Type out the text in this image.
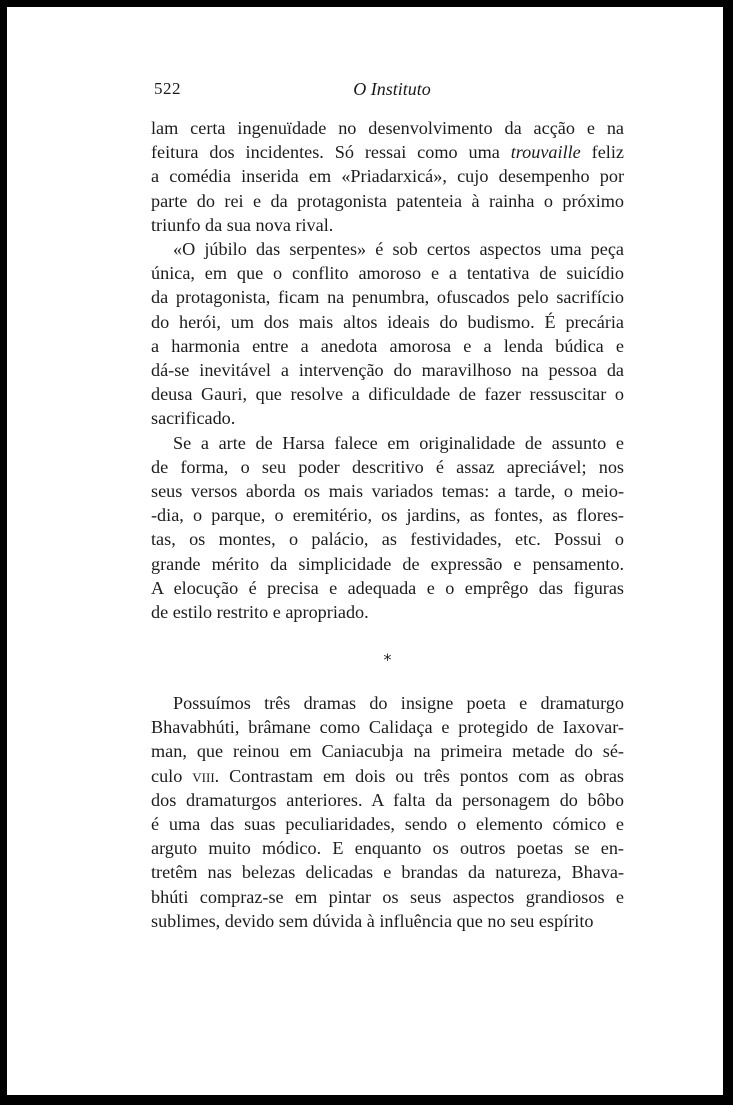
522	O Instituto

lam certa ingenuïdade no desenvolvimento da acção e na
feitura dos incidentes. Só ressai como uma trouvaille feliz
a comédia inserida em «Priadarxicá», cujo desempenho por
parte do rei e da protagonista patenteia à rainha o próximo
triunfo da sua nova rival.

«O júbilo das serpentes» é sob certos aspectos uma peça
única, em que o conflito amoroso e a tentativa de suicídio
da protagonista, ficam na penumbra, ofuscados pelo sacrifício
do herói, um dos mais altos ideais do budismo. É precária
a harmonia entre a anedota amorosa e a lenda búdica e
dá-se inevitável a intervenção do maravilhoso na pessoa da
deusa Gauri, que resolve a dificuldade de fazer ressuscitar o
sacrificado.

Se a arte de Harsa falece em originalidade de assunto e
de forma, o seu poder descritivo é assaz apreciável; nos
seus versos aborda os mais variados temas: a tarde, o meio-
-dia, o parque, o eremitério, os jardins, as fontes, as flores-
tas, os montes, o palácio, as festividades, etc. Possui o
grande mérito da simplicidade de expressão e pensamento.
A elocução é precisa e adequada e o emprêgo das figuras
de estilo restrito e apropriado.

*

Possuímos três dramas do insigne poeta e dramaturgo
Bhavabhúti, brâmane como Calidaça e protegido de Iaxovar-
man, que reinou em Caniacubja na primeira metade do sé-
culo viii. Contrastam em dois ou três pontos com as obras
dos dramaturgos anteriores. A falta da personagem do bôbo
é uma das suas peculiaridades, sendo o elemento cómico e
arguto muito módico. E enquanto os outros poetas se en-
tretêm nas belezas delicadas e brandas da natureza, Bhava-
bhúti compraz-se em pintar os seus aspectos grandiosos e
sublimes, devido sem dúvida à influência que no seu espírito
